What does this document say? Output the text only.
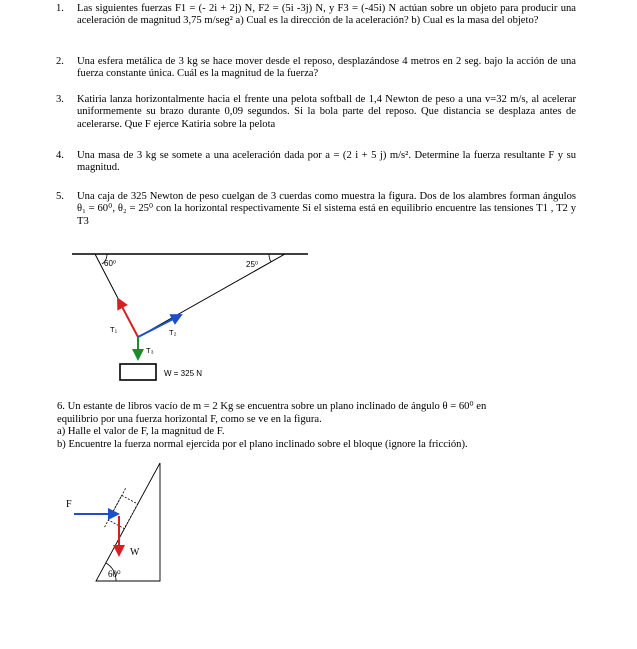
1. Las siguientes fuerzas F1 = (- 2i + 2j) N, F2 = (5i -3j) N, y F3 = (-45i) N actúan sobre un objeto para producir una aceleración de magnitud 3,75 m/seg² a) Cual es la dirección de la aceleración? b) Cual es la masa del objeto?
2. Una esfera metálica de 3 kg se hace mover desde el reposo, desplazándose 4 metros en 2 seg. bajo la acción de una fuerza constante única. Cuál es la magnitud de la fuerza?
3. Katiria lanza horizontalmente hacia el frente una pelota softball de 1,4 Newton de peso a una v=32 m/s, al acelerar uniformemente su brazo durante 0,09 segundos. Si la bola parte del reposo. Que distancia se desplaza antes de acelerarse. Que F ejerce Katiria sobre la pelota
4. Una masa de 3 kg se somete a una aceleración dada por a = (2 i + 5 j) m/s². Determine la fuerza resultante F y su magnitud.
5. Una caja de 325 Newton de peso cuelgan de 3 cuerdas como muestra la figura. Dos de los alambres forman ángulos θ₁ = 60⁰, θ₂ = 25⁰ con la horizontal respectivamente Si el sistema está en equilibrio encuentre las tensiones T1 , T2 y T3
60⁰	25⁰
T₁	T₂
T₃
W = 325 N
6. Un estante de libros vacío de m = 2 Kg se encuentra sobre un plano inclinado de ángulo θ = 60⁰ en
equilibrio por una fuerza horizontal F, como se ve en la figura.
a) Halle el valor de F, la magnitud de F.
b) Encuentre la fuerza normal ejercida por el plano inclinado sobre el bloque (ignore la fricción).
F
W
60⁰
